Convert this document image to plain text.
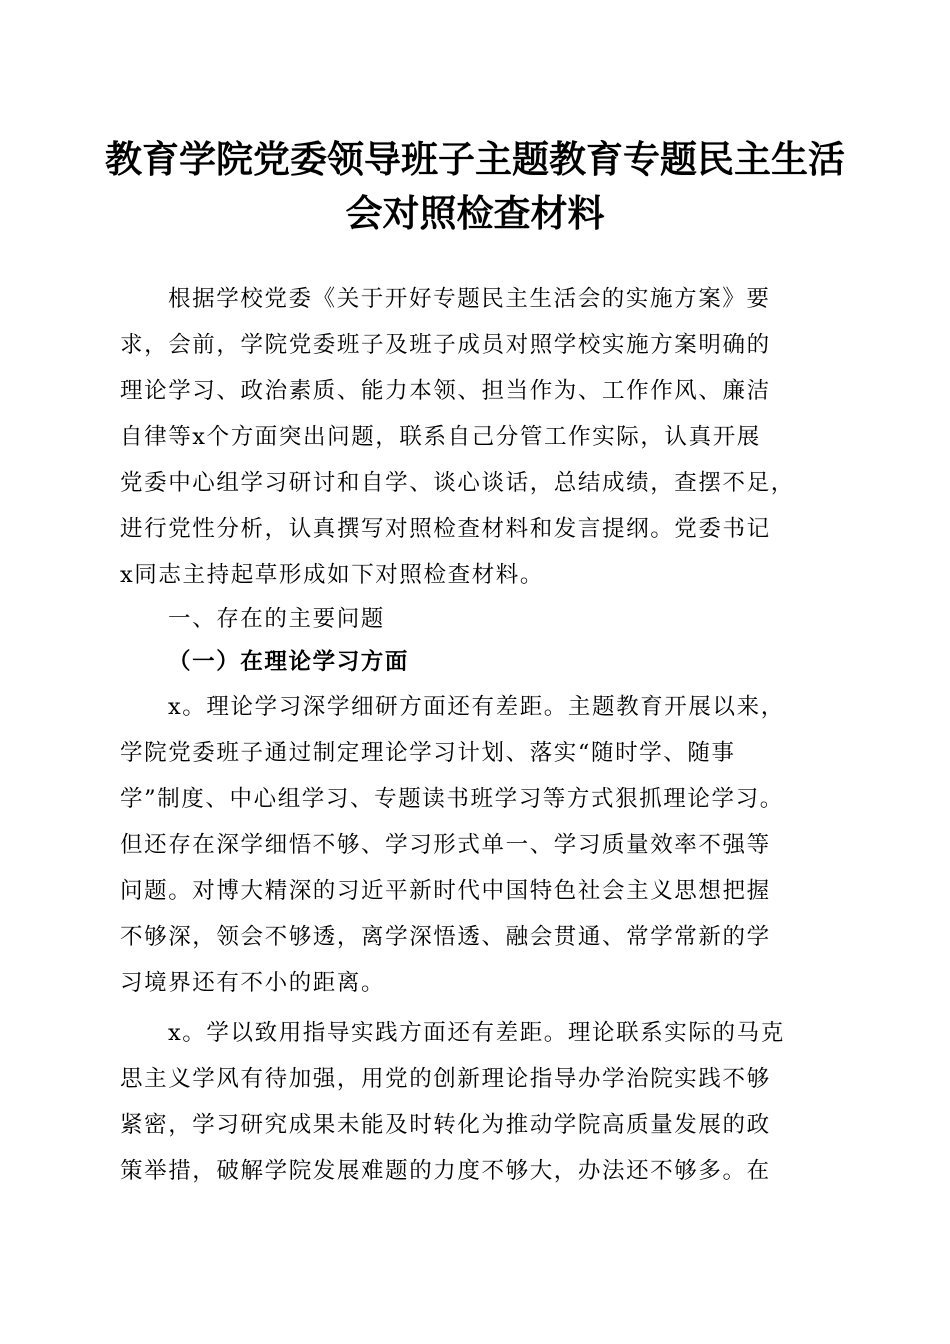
教育学院党委领导班子主题教育专题民主生活
会对照检查材料

根据学校党委《关于开好专题民主生活会的实施方案》要
求，会前，学院党委班子及班子成员对照学校实施方案明确的
理论学习、政治素质、能力本领、担当作为、工作作风、廉洁
自律等x个方面突出问题，联系自己分管工作实际，认真开展
党委中心组学习研讨和自学、谈心谈话，总结成绩，查摆不足，
进行党性分析，认真撰写对照检查材料和发言提纲。党委书记
x同志主持起草形成如下对照检查材料。

一、存在的主要问题

（一）在理论学习方面

x。理论学习深学细研方面还有差距。主题教育开展以来，
学院党委班子通过制定理论学习计划、落实“随时学、随事
学”制度、中心组学习、专题读书班学习等方式狠抓理论学习。
但还存在深学细悟不够、学习形式单一、学习质量效率不强等
问题。对博大精深的习近平新时代中国特色社会主义思想把握
不够深，领会不够透，离学深悟透、融会贯通、常学常新的学
习境界还有不小的距离。

x。学以致用指导实践方面还有差距。理论联系实际的马克
思主义学风有待加强，用党的创新理论指导办学治院实践不够
紧密，学习研究成果未能及时转化为推动学院高质量发展的政
策举措，破解学院发展难题的力度不够大，办法还不够多。在
